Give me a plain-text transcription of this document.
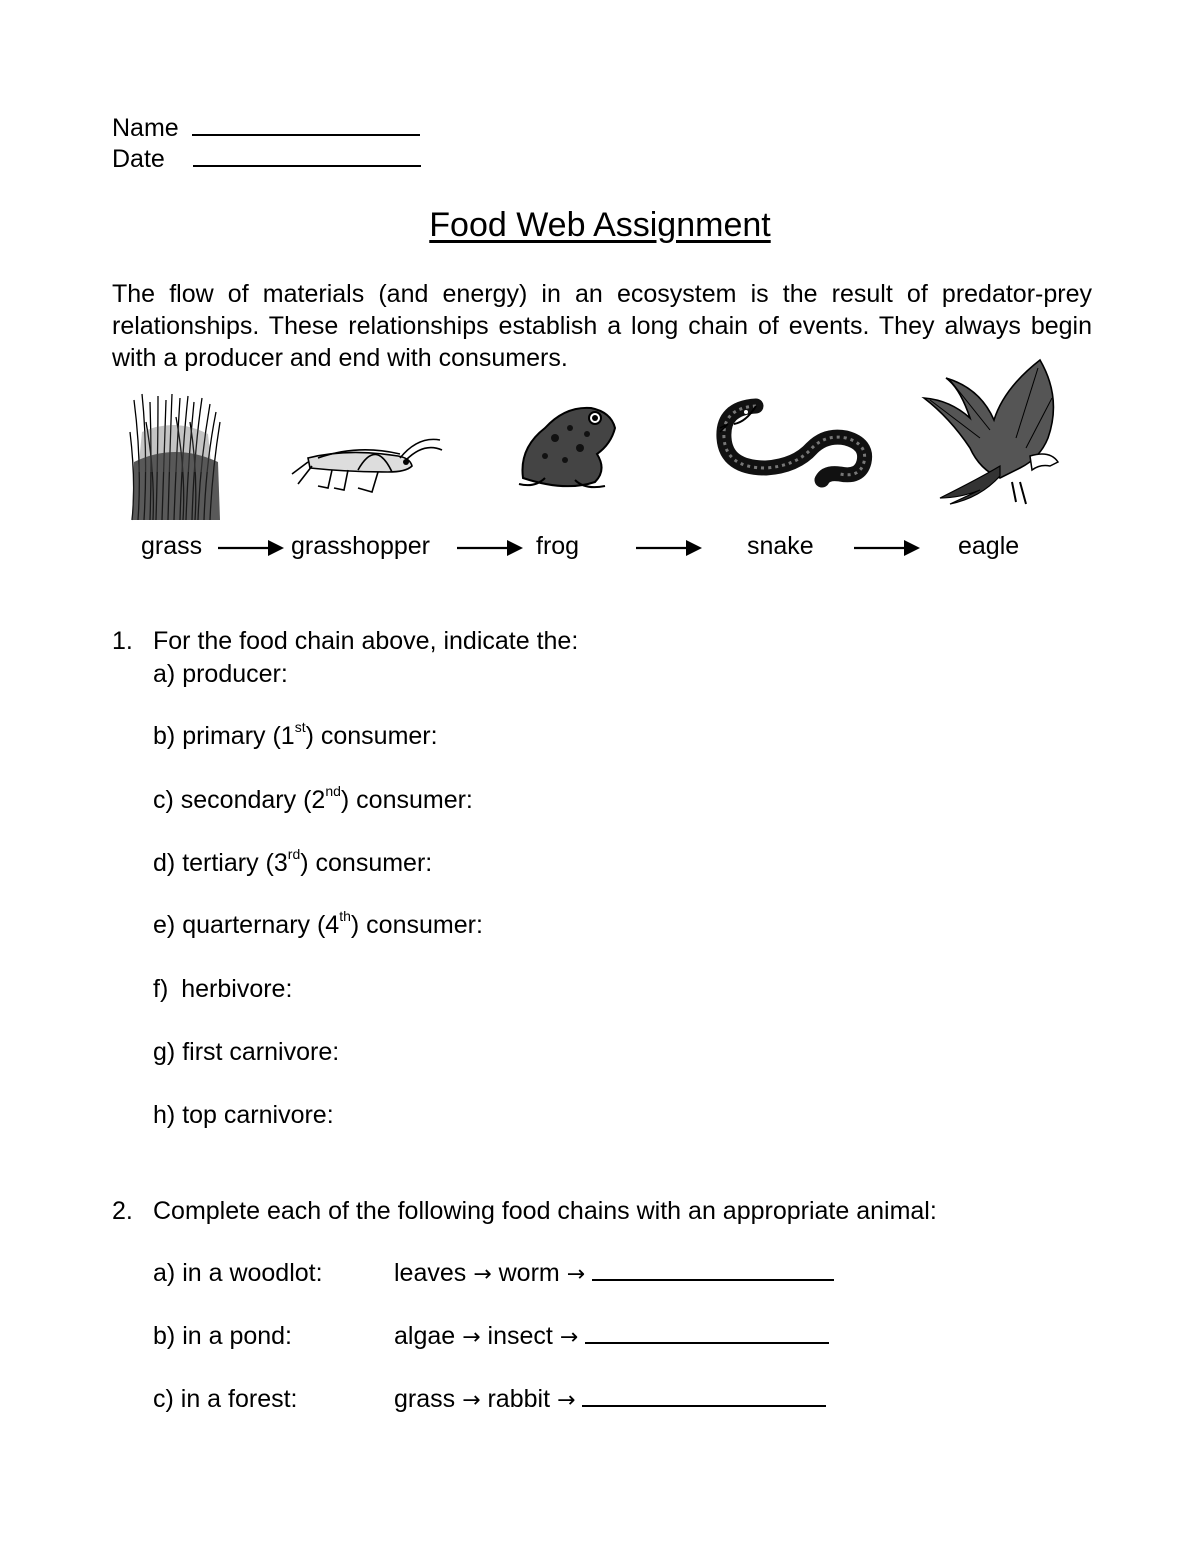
Name
Date
Food Web Assignment
The flow of materials (and energy) in an ecosystem is the result of predator-prey relationships. These relationships establish a long chain of events. They always begin with a producer and end with consumers.
grass	grasshopper	frog	snake	eagle
1. For the food chain above, indicate the:
a) producer:
b) primary (1st) consumer:
c) secondary (2nd) consumer:
d) tertiary (3rd) consumer:
e) quarternary (4th) consumer:
f) herbivore:
g) first carnivore:
h) top carnivore:
2. Complete each of the following food chains with an appropriate animal:
a) in a woodlot:	leaves → worm →
b) in a pond:	algae → insect →
c) in a forest:	grass → rabbit →
